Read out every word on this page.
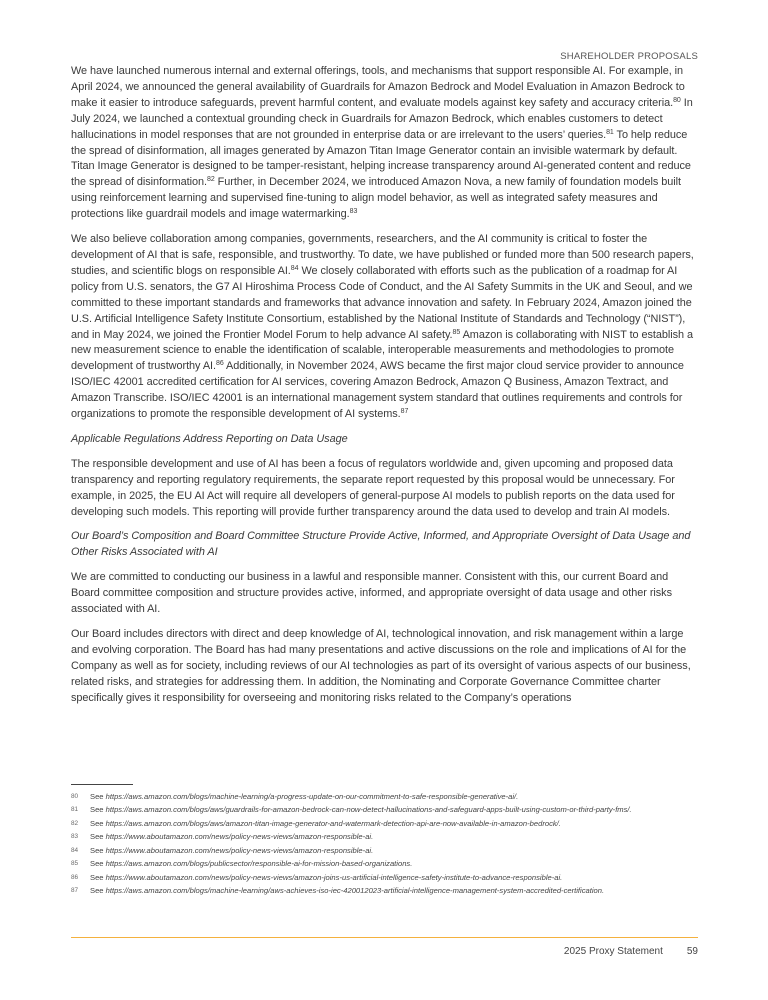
SHAREHOLDER PROPOSALS

We have launched numerous internal and external offerings, tools, and mechanisms that support responsible AI. For example, in April 2024, we announced the general availability of Guardrails for Amazon Bedrock and Model Evaluation in Amazon Bedrock to make it easier to introduce safeguards, prevent harmful content, and evaluate models against key safety and accuracy criteria.$^{80}$ In July 2024, we launched a contextual grounding check in Guardrails for Amazon Bedrock, which enables customers to detect hallucinations in model responses that are not grounded in enterprise data or are irrelevant to the users’ queries.$^{81}$ To help reduce the spread of disinformation, all images generated by Amazon Titan Image Generator contain an invisible watermark by default. Titan Image Generator is designed to be tamper-resistant, helping increase transparency around AI-generated content and reduce the spread of disinformation.$^{82}$ Further, in December 2024, we introduced Amazon Nova, a new family of foundation models built using reinforcement learning and supervised fine-tuning to align model behavior, as well as integrated safety measures and protections like guardrail models and image watermarking.$^{83}$

We also believe collaboration among companies, governments, researchers, and the AI community is critical to foster the development of AI that is safe, responsible, and trustworthy. To date, we have published or funded more than 500 research papers, studies, and scientific blogs on responsible AI.$^{84}$ We closely collaborated with efforts such as the publication of a roadmap for AI policy from U.S. senators, the G7 AI Hiroshima Process Code of Conduct, and the AI Safety Summits in the UK and Seoul, and we committed to these important standards and frameworks that advance innovation and safety. In February 2024, Amazon joined the U.S. Artificial Intelligence Safety Institute Consortium, established by the National Institute of Standards and Technology (“NIST”), and in May 2024, we joined the Frontier Model Forum to help advance AI safety.$^{85}$ Amazon is collaborating with NIST to establish a new measurement science to enable the identification of scalable, interoperable measurements and methodologies to promote development of trustworthy AI.$^{86}$ Additionally, in November 2024, AWS became the first major cloud service provider to announce ISO/IEC 42001 accredited certification for AI services, covering Amazon Bedrock, Amazon Q Business, Amazon Textract, and Amazon Transcribe. ISO/IEC 42001 is an international management system standard that outlines requirements and controls for organizations to promote the responsible development of AI systems.$^{87}$

Applicable Regulations Address Reporting on Data Usage

The responsible development and use of AI has been a focus of regulators worldwide and, given upcoming and proposed data transparency and reporting regulatory requirements, the separate report requested by this proposal would be unnecessary. For example, in 2025, the EU AI Act will require all developers of general-purpose AI models to publish reports on the data used for developing such models. This reporting will provide further transparency around the data used to develop and train AI models.

Our Board’s Composition and Board Committee Structure Provide Active, Informed, and Appropriate Oversight of Data Usage and Other Risks Associated with AI

We are committed to conducting our business in a lawful and responsible manner. Consistent with this, our current Board and Board committee composition and structure provides active, informed, and appropriate oversight of data usage and other risks associated with AI.

Our Board includes directors with direct and deep knowledge of AI, technological innovation, and risk management within a large and evolving corporation. The Board has had many presentations and active discussions on the role and implications of AI for the Company as well as for society, including reviews of our AI technologies as part of its oversight of various aspects of our business, related risks, and strategies for addressing them. In addition, the Nominating and Corporate Governance Committee charter specifically gives it responsibility for overseeing and monitoring risks related to the Company’s operations

80	See https://aws.amazon.com/blogs/machine-learning/a-progress-update-on-our-commitment-to-safe-responsible-generative-ai/.
81	See https://aws.amazon.com/blogs/aws/guardrails-for-amazon-bedrock-can-now-detect-hallucinations-and-safeguard-apps-built-using-custom-or-third-party-fms/.
82	See https://aws.amazon.com/blogs/aws/amazon-titan-image-generator-and-watermark-detection-api-are-now-available-in-amazon-bedrock/.
83	See https://www.aboutamazon.com/news/policy-news-views/amazon-responsible-ai.
84	See https://www.aboutamazon.com/news/policy-news-views/amazon-responsible-ai.
85	See https://aws.amazon.com/blogs/publicsector/responsible-ai-for-mission-based-organizations.
86	See https://www.aboutamazon.com/news/policy-news-views/amazon-joins-us-artificial-intelligence-safety-institute-to-advance-responsible-ai.
87	See https://aws.amazon.com/blogs/machine-learning/aws-achieves-iso-iec-420012023-artificial-intelligence-management-system-accredited-certification.
2025 Proxy Statement 59
